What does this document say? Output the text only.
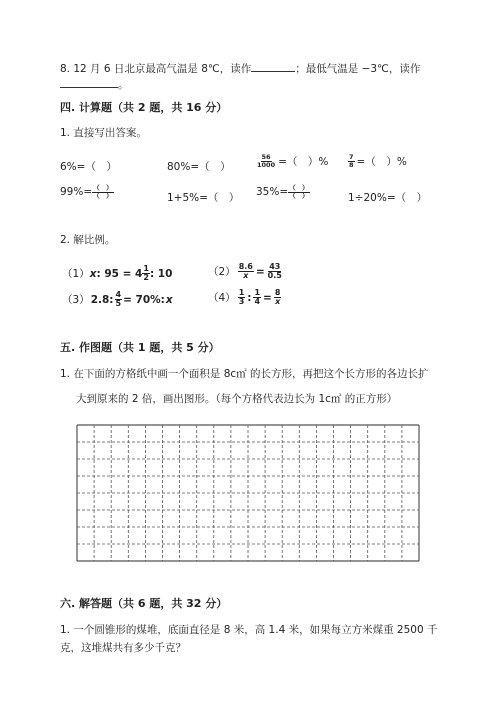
8. 12 月 6 日北京最高气温是 8℃，读作	；最低气温是 −3℃，读作
。
四. 计算题（共 2 题，共 16 分）
1. 直接写出答案。
6%=（　）	80%=（　）	$\frac{56}{1000}$ =（　）%	$\frac{7}{8}$ =（　）%
$99\%= \frac{( )}{( )}$	1+5%=（　） $35\%= \frac{( )}{( )}$	1÷20%=（　）
2. 解比例。
（1） x : $95 = 4 \frac{1}{2}$ : 10	$(2) \frac{8.6}{x} = \frac{43}{0.5}$
（3） 2.8: $\frac{4}{5} = 70\%$: x	$(4) \frac{1}{3}$ : $\frac{1}{4} = \frac{8}{x}$
五. 作图题（共 1 题，共 5 分）
1. 在下面的方格纸中画一个面积是 8c㎡ 的长方形，再把这个长方形的各边长扩
大到原来的 2 倍，画出图形。（每个方格代表边长为 1c㎡ 的正方形）
六. 解答题（共 6 题，共 32 分）
1. 一个圆锥形的煤堆，底面直径是 8 米，高 1.4 米，如果每立方米煤重 2500 千
克，这堆煤共有多少千克？
